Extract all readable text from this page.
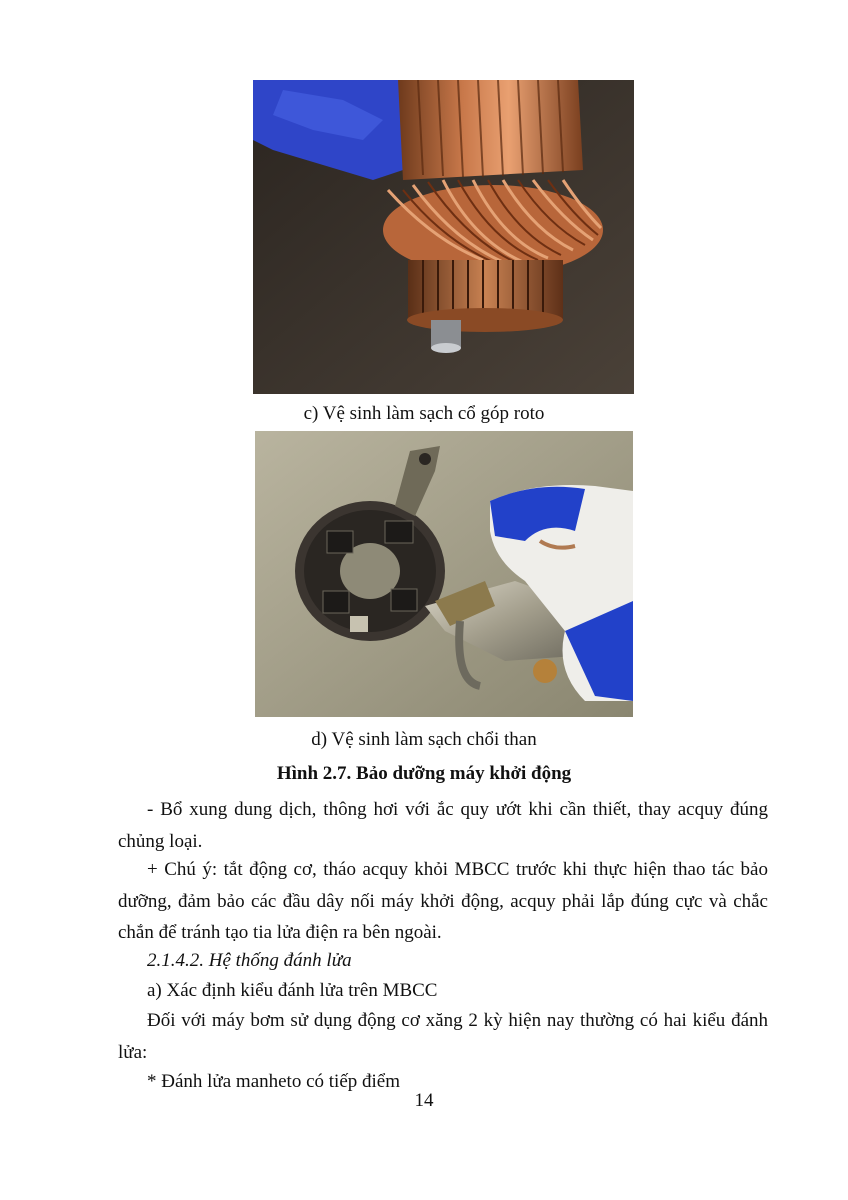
c) Vệ sinh làm sạch cổ góp roto
d) Vệ sinh làm sạch chổi than
Hình 2.7. Bảo dưỡng máy khởi động

- Bổ xung dung dịch, thông hơi với ắc quy ướt khi cần thiết, thay acquy đúng chủng loại.

+ Chú ý: tắt động cơ, tháo acquy khỏi MBCC trước khi thực hiện thao tác bảo dưỡng, đảm bảo các đầu dây nối máy khởi động, acquy phải lắp đúng cực và chắc chắn để tránh tạo tia lửa điện ra bên ngoài.

2.1.4.2. Hệ thống đánh lửa

a) Xác định kiểu đánh lửa trên MBCC

Đối với máy bơm sử dụng động cơ xăng 2 kỳ hiện nay thường có hai kiểu đánh lửa:

* Đánh lửa manheto có tiếp điểm

14
